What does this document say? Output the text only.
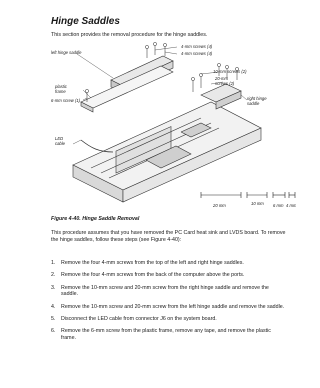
Hinge Saddles
This section provides the removal procedure for the hinge saddles.
4-mm screws (4)
4-mm screws (4)
left hinge saddle
10-mm screws (2)
20-mm screws (2)
plastic frame
6-mm screw (1)	right hinge saddle
LED cable
20 mm	10 mm 6 mm 4 mm
Figure 4-40. Hinge Saddle Removal
This procedure assumes that you have removed the PC Card heat sink and LVDS board. To remove the hinge saddles, follow these steps (see Figure 4-40):
1. Remove the four 4-mm screws from the top of the left and right hinge saddles.
2. Remove the four 4-mm screws from the back of the computer above the ports.
3. Remove the 10-mm screw and 20-mm screw from the right hinge saddle and remove the saddle.
4. Remove the 10-mm screw and 20-mm screw from the left hinge saddle and remove the saddle.
5. Disconnect the LED cable from connector J6 on the system board.
6. Remove the 6-mm screw from the plastic frame, remove any tape, and remove the plastic frame.
